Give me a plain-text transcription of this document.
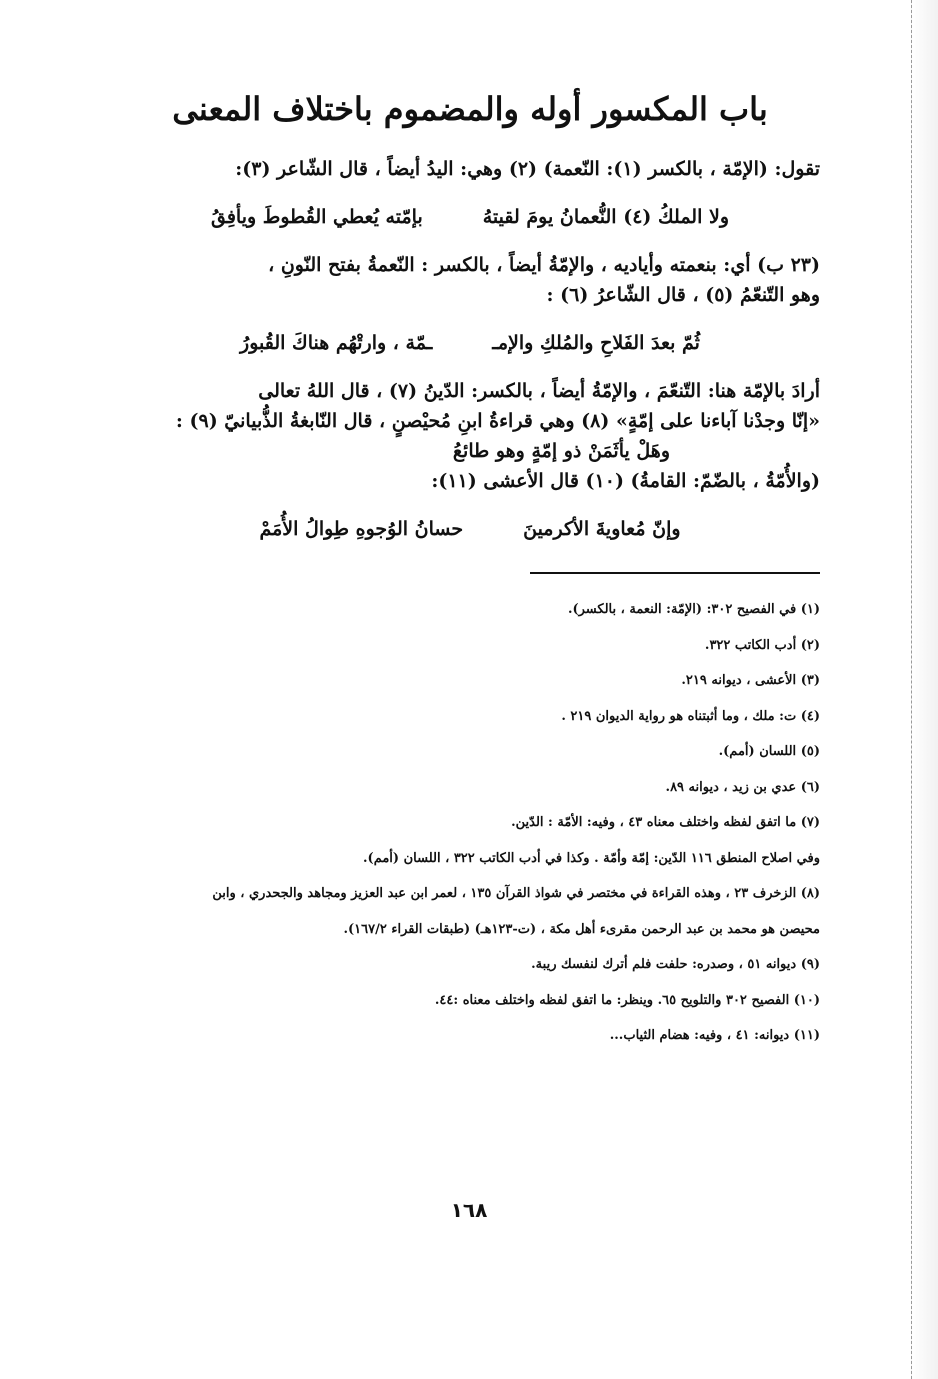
باب المكسور أوله والمضموم باختلاف المعنى

تقول: (الإمّة ، بالكسر (١): النّعمة) (٢) وهي: اليدُ أيضاً ، قال الشّاعر (٣):

ولا الملكُ (٤) النُّعمانُ يومَ لقيتهُ
بإمّته يُعطي القُطوطَ ويأفِقُ

(٢٣ ب) أي: بنعمته وأياديه ، والإمّةُ أيضاً ، بالكسر : النّعمةُ بفتح النّونِ ،

وهو التّنعّمُ (٥) ، قال الشّاعرُ (٦) :

ثُمّ بعدَ الفَلاحِ والمُلكِ والإمـ
ـمّة ، وارتْهُم هناكَ القُبورُ

أرادَ بالإمّة هنا: التّنعّمَ ، والإمّةُ أيضاً ، بالكسر: الدّينُ (٧) ، قال اللهُ تعالى

«إنّا وجدْنا آباءنا على إمّةٍ» (٨) وهي قراءةُ ابنِ مُحيْصنٍ ، قال النّابغةُ الذُّبيانيّ (٩) :

وهَلْ يأثَمَنْ ذو إمّةٍ وهو طائعُ

(والأُمّةُ ، بالضّمّ: القامةُ) (١٠) قال الأعشى (١١):

وإنّ مُعاويةَ الأكرمينَ
حسانُ الوُجوهِ طِوالُ الأُمَمْ

(١) في الفصيح ٣٠٢: (الإمّة: النعمة ، بالكسر).

(٢) أدب الكاتب ٣٢٢.

(٣) الأعشى ، ديوانه ٢١٩.

(٤) ت: ملك ، وما أثبتناه هو رواية الديوان ٢١٩ .

(٥) اللسان (أمم).

(٦) عدي بن زيد ، ديوانه ٨٩.

(٧) ما اتفق لفظه واختلف معناه ٤٣ ، وفيه: الأمّة : الدّين.

وفي اصلاح المنطق ١١٦ الدّين: إمّة وأمّة . وكذا في أدب الكاتب ٣٢٢ ، اللسان (أمم).

(٨) الزخرف ٢٣ ، وهذه القراءة في مختصر في شواذ القرآن ١٣٥ ، لعمر ابن عبد العزيز ومجاهد والجحدري ، وابن

محيصن هو محمد بن عبد الرحمن مقرىء أهل مكة ، (ت-١٢٣هـ) (طبقات القراء ١٦٧/٢).

(٩) ديوانه ٥١ ، وصدره: حلفت فلم أترك لنفسك ريبة.

(١٠) الفصيح ٣٠٢ والتلويح ٦٥. وينظر: ما اتفق لفظه واختلف معناه :٤٤.

(١١) ديوانه: ٤١ ، وفيه: هضام الثياب...

١٦٨
